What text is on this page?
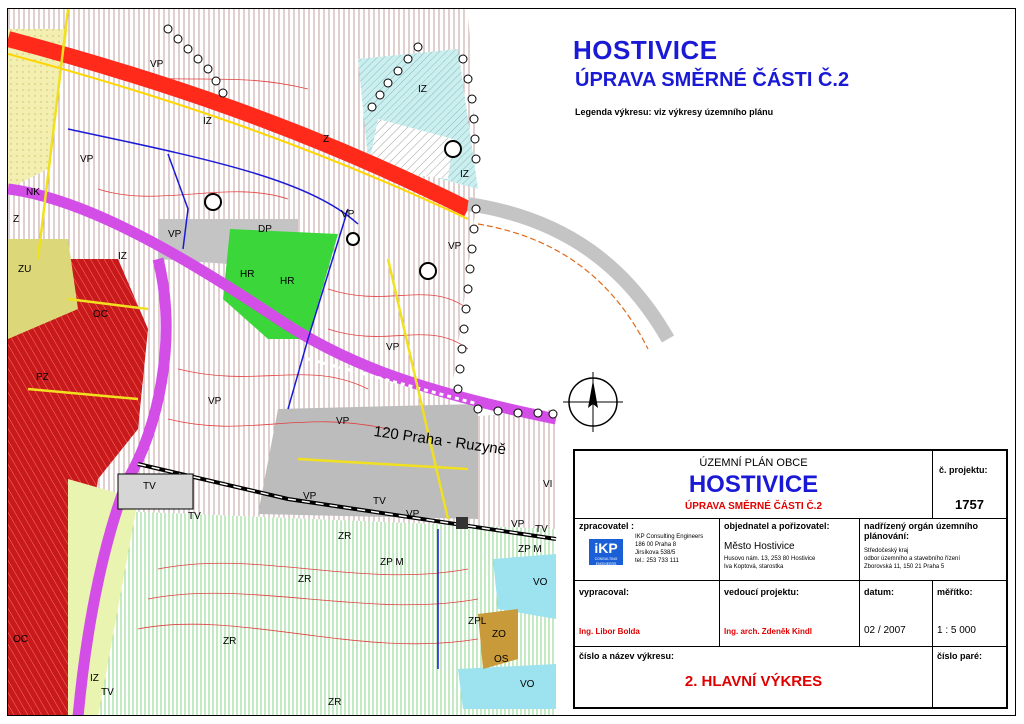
VP
VP
IZ
IZ
IZ
Z
NK
Z
VP	DP
VP
VP
IZ
ZU	HR
HR
OC
VP
PZ
VP
VP
120 Praha - Ruzyně
TV
VP	TV
VP
VI
VP TV
TV
ZR
ZP M
ZP M
ZR	VO
ZPL
ZO
OS
ZR
VO
ZR
IZ
TV
OC
HOSTIVICE
ÚPRAVA SMĚRNÉ ČÁSTI Č.2
Legenda výkresu: viz výkresy územního plánu
ÚZEMNÍ PLÁN OBCE
HOSTIVICE
ÚPRAVA SMĚRNÉ ČÁSTI Č.2
č. projektu:
1757
zpracovatel :
iKP
CONSULTING ENGINEERS
IKP Consulting Engineers
186 00 Praha 8
Jirsíkova 538/5
tel.: 253 733 111
objednatel a pořizovatel:
Město Hostivice
Husovo nám. 13, 253 80 Hostivice
Iva Koptová, starostka
nadřízený orgán územního plánování:
Středočeský kraj
odbor územního a stavebního řízení
Zborovská 11, 150 21 Praha 5
vypracoval:
Ing. Libor Bolda
vedoucí projektu:
Ing. arch. Zdeněk Kindl
datum:
02 / 2007
měřítko:
1 : 5 000
číslo a název výkresu:
2. HLAVNÍ VÝKRES
číslo paré:
